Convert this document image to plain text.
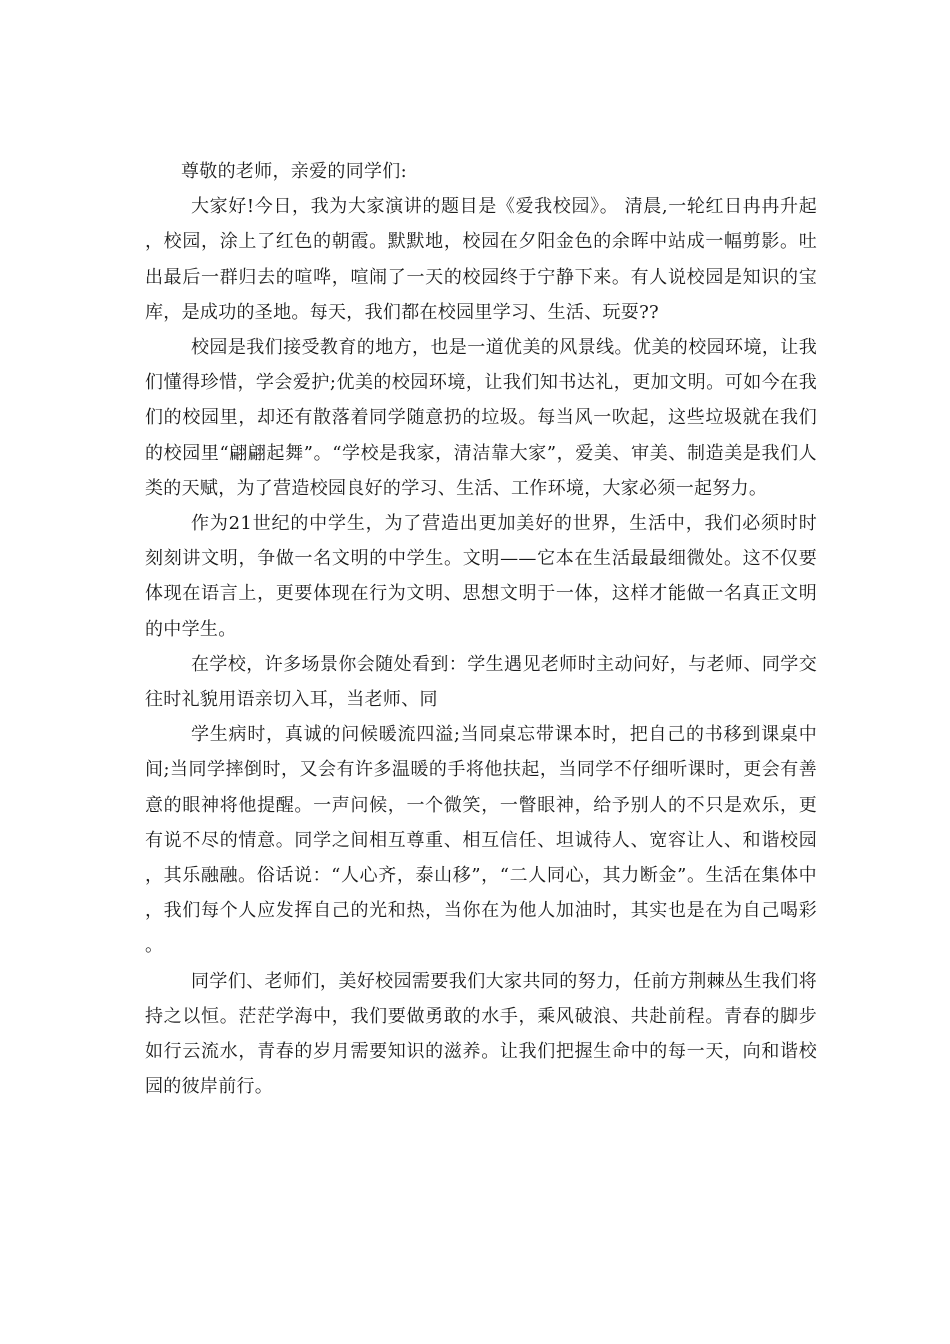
尊敬的老师，亲爱的同学们:

大家好!今日，我为大家演讲的题目是《爱我校园》。 清晨,一轮红日冉冉升起，校园，涂上了红色的朝霞。默默地，校园在夕阳金色的余晖中站成一幅剪影。吐出最后一群归去的喧哗，喧闹了一天的校园终于宁静下来。有人说校园是知识的宝库，是成功的圣地。每天，我们都在校园里学习、生活、玩耍??

校园是我们接受教育的地方，也是一道优美的风景线。优美的校园环境，让我们懂得珍惜，学会爱护;优美的校园环境，让我们知书达礼，更加文明。可如今在我们的校园里，却还有散落着同学随意扔的垃圾。每当风一吹起，这些垃圾就在我们的校园里“翩翩起舞”。“学校是我家，清洁靠大家”，爱美、审美、制造美是我们人类的天赋，为了营造校园良好的学习、生活、工作环境，大家必须一起努力。

作为21世纪的中学生，为了营造出更加美好的世界，生活中，我们必须时时刻刻讲文明，争做一名文明的中学生。文明——它本在生活最最细微处。这不仅要体现在语言上，更要体现在行为文明、思想文明于一体，这样才能做一名真正文明的中学生。

在学校，许多场景你会随处看到：学生遇见老师时主动问好，与老师、同学交往时礼貌用语亲切入耳，当老师、同

学生病时，真诚的问候暖流四溢;当同桌忘带课本时，把自己的书移到课桌中间;当同学摔倒时，又会有许多温暖的手将他扶起，当同学不仔细听课时，更会有善意的眼神将他提醒。一声问候，一个微笑，一瞥眼神，给予别人的不只是欢乐，更有说不尽的情意。同学之间相互尊重、相互信任、坦诚待人、宽容让人、和谐校园，其乐融融。俗话说：“人心齐，泰山移”，“二人同心，其力断金”。生活在集体中，我们每个人应发挥自己的光和热，当你在为他人加油时，其实也是在为自己喝彩。

同学们、老师们，美好校园需要我们大家共同的努力，任前方荆棘丛生我们将持之以恒。茫茫学海中，我们要做勇敢的水手，乘风破浪、共赴前程。青春的脚步如行云流水，青春的岁月需要知识的滋养。让我们把握生命中的每一天，向和谐校园的彼岸前行。
